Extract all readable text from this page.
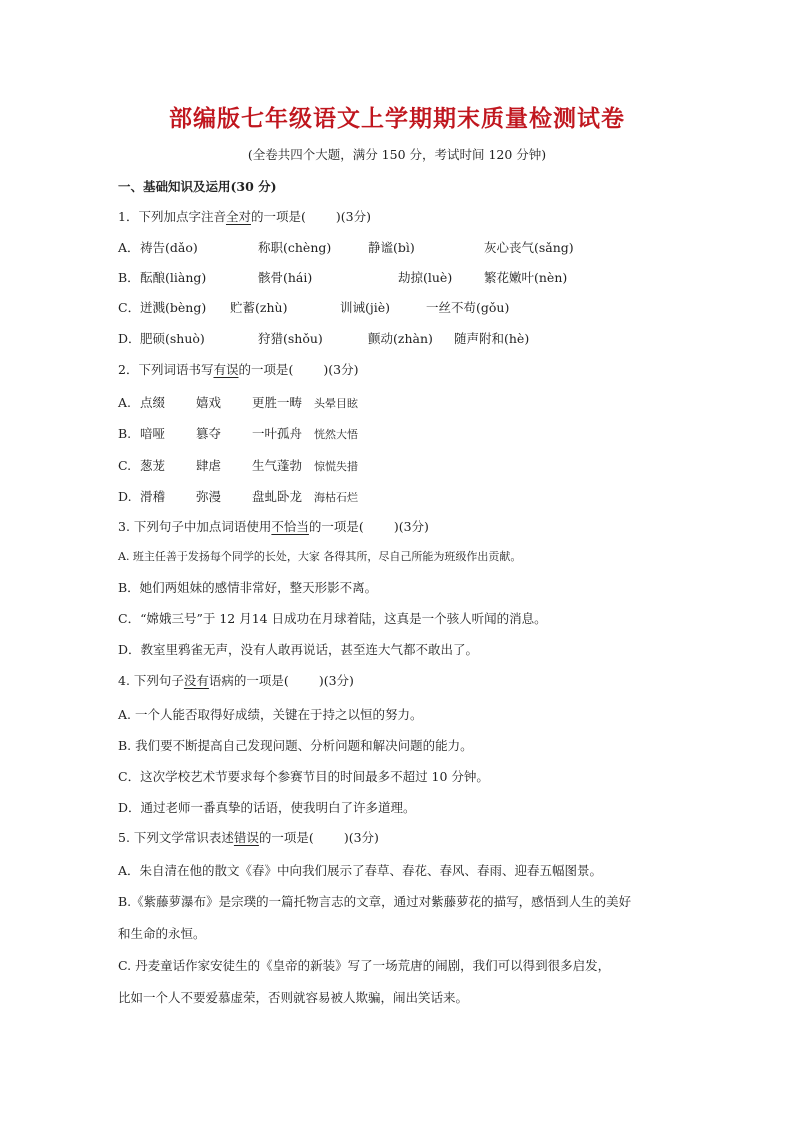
部编版七年级语文上学期期末质量检测试卷
(全卷共四个大题，满分 150 分，考试时间 120 分钟)
一、基础知识及运用(30 分)
1．下列加点字注音全对的一项是( )(3分)
A．祷告(dǎo)	称职(chèng)	静谧(bì)	灰心丧气(sǎng)
B．酝酿(liàng)	骸骨(hái)	劫掠(luè)	繁花嫩叶(nèn)
C．迸溅(bèng) 贮蓄(zhù)	训诫(jiè)	一丝不苟(gǒu)
D．肥硕(shuò)	狩猎(shǒu)	颤动(zhàn) 随声附和(hè)
2．下列词语书写有误的一项是( )(3分)
A. 点缀 嬉戏 更胜一畴 头晕目眩
B. 喑哑 篡夺 一叶孤舟 恍然大悟
C. 葱茏 肆虐 生气蓬勃 惊慌失措
D. 滑稽 弥漫 盘虬卧龙 海枯石烂
3. 下列句子中加点词语使用不恰当的一项是( )(3分)
A. 班主任善于发扬每个同学的长处，大家 各得其所，尽自己所能为班级作出贡献。
B．她们两姐妹的感情非常好，整天形影不离。
C．“嫦娥三号”于 12 月14 日成功在月球着陆，这真是一个骇人听闻的消息。
D．教室里鸦雀无声，没有人敢再说话，甚至连大气都不敢出了。
4. 下列句子没有语病的一项是( )(3分)
A. 一个人能否取得好成绩，关键在于持之以恒的努力。
B. 我们要不断提高自己发现问题、分析问题和解决问题的能力。
C．这次学校艺术节要求每个参赛节目的时间最多不超过 10 分钟。
D．通过老师一番真挚的话语，使我明白了许多道理。
5. 下列文学常识表述错误的一项是( )(3分)
A．朱自清在他的散文《春》中向我们展示了春草、春花、春风、春雨、迎春五幅图景。
B.《紫藤萝瀑布》是宗璞的一篇托物言志的文章，通过对紫藤萝花的描写，感悟到人生的美好
和生命的永恒。
C. 丹麦童话作家安徒生的《皇帝的新装》写了一场荒唐的闹剧，我们可以得到很多启发，
比如一个人不要爱慕虚荣，否则就容易被人欺骗，闹出笑话来。
